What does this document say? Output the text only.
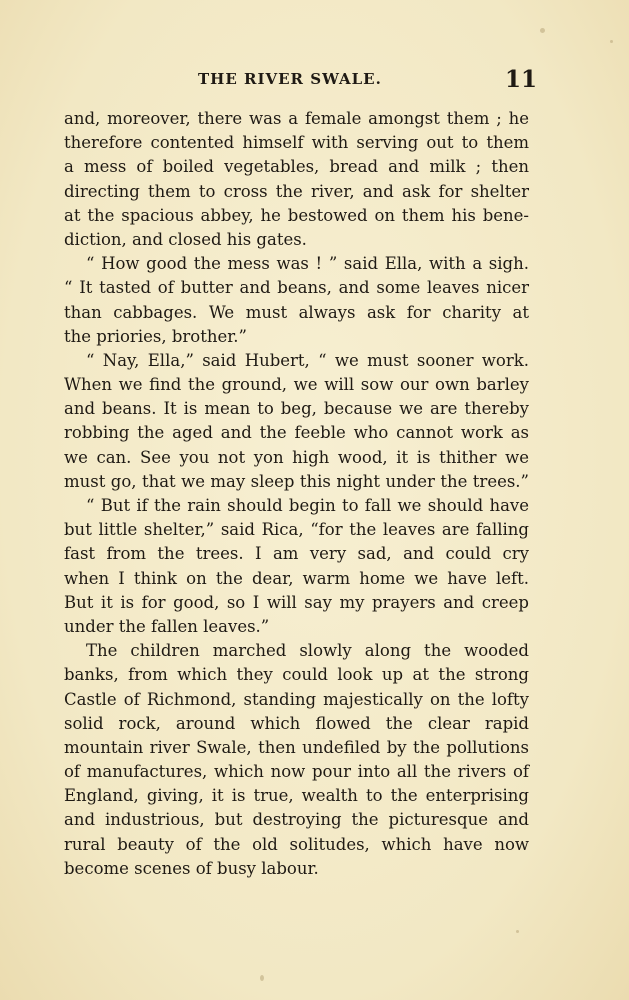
THE RIVER SWALE.	11
and, moreover, there was a female amongst them ; he
therefore contented himself with serving out to them
a mess of boiled vegetables, bread and milk ; then
directing them to cross the river, and ask for shelter
at the spacious abbey, he bestowed on them his bene-
diction, and closed his gates.
“ How good the mess was ! ” said Ella, with a sigh.
“ It tasted of butter and beans, and some leaves nicer
than cabbages. We must always ask for charity at
the priories, brother.”
“ Nay, Ella,” said Hubert, “ we must sooner work.
When we find the ground, we will sow our own barley
and beans. It is mean to beg, because we are thereby
robbing the aged and the feeble who cannot work as
we can. See you not yon high wood, it is thither we
must go, that we may sleep this night under the trees.”
“ But if the rain should begin to fall we should have
but little shelter,” said Rica, “for the leaves are falling
fast from the trees. I am very sad, and could cry
when I think on the dear, warm home we have left.
But it is for good, so I will say my prayers and creep
under the fallen leaves.”
The children marched slowly along the wooded
banks, from which they could look up at the strong
Castle of Richmond, standing majestically on the lofty
solid rock, around which flowed the clear rapid
mountain river Swale, then undefiled by the pollutions
of manufactures, which now pour into all the rivers of
England, giving, it is true, wealth to the enterprising
and industrious, but destroying the picturesque and
rural beauty of the old solitudes, which have now
become scenes of busy labour.
